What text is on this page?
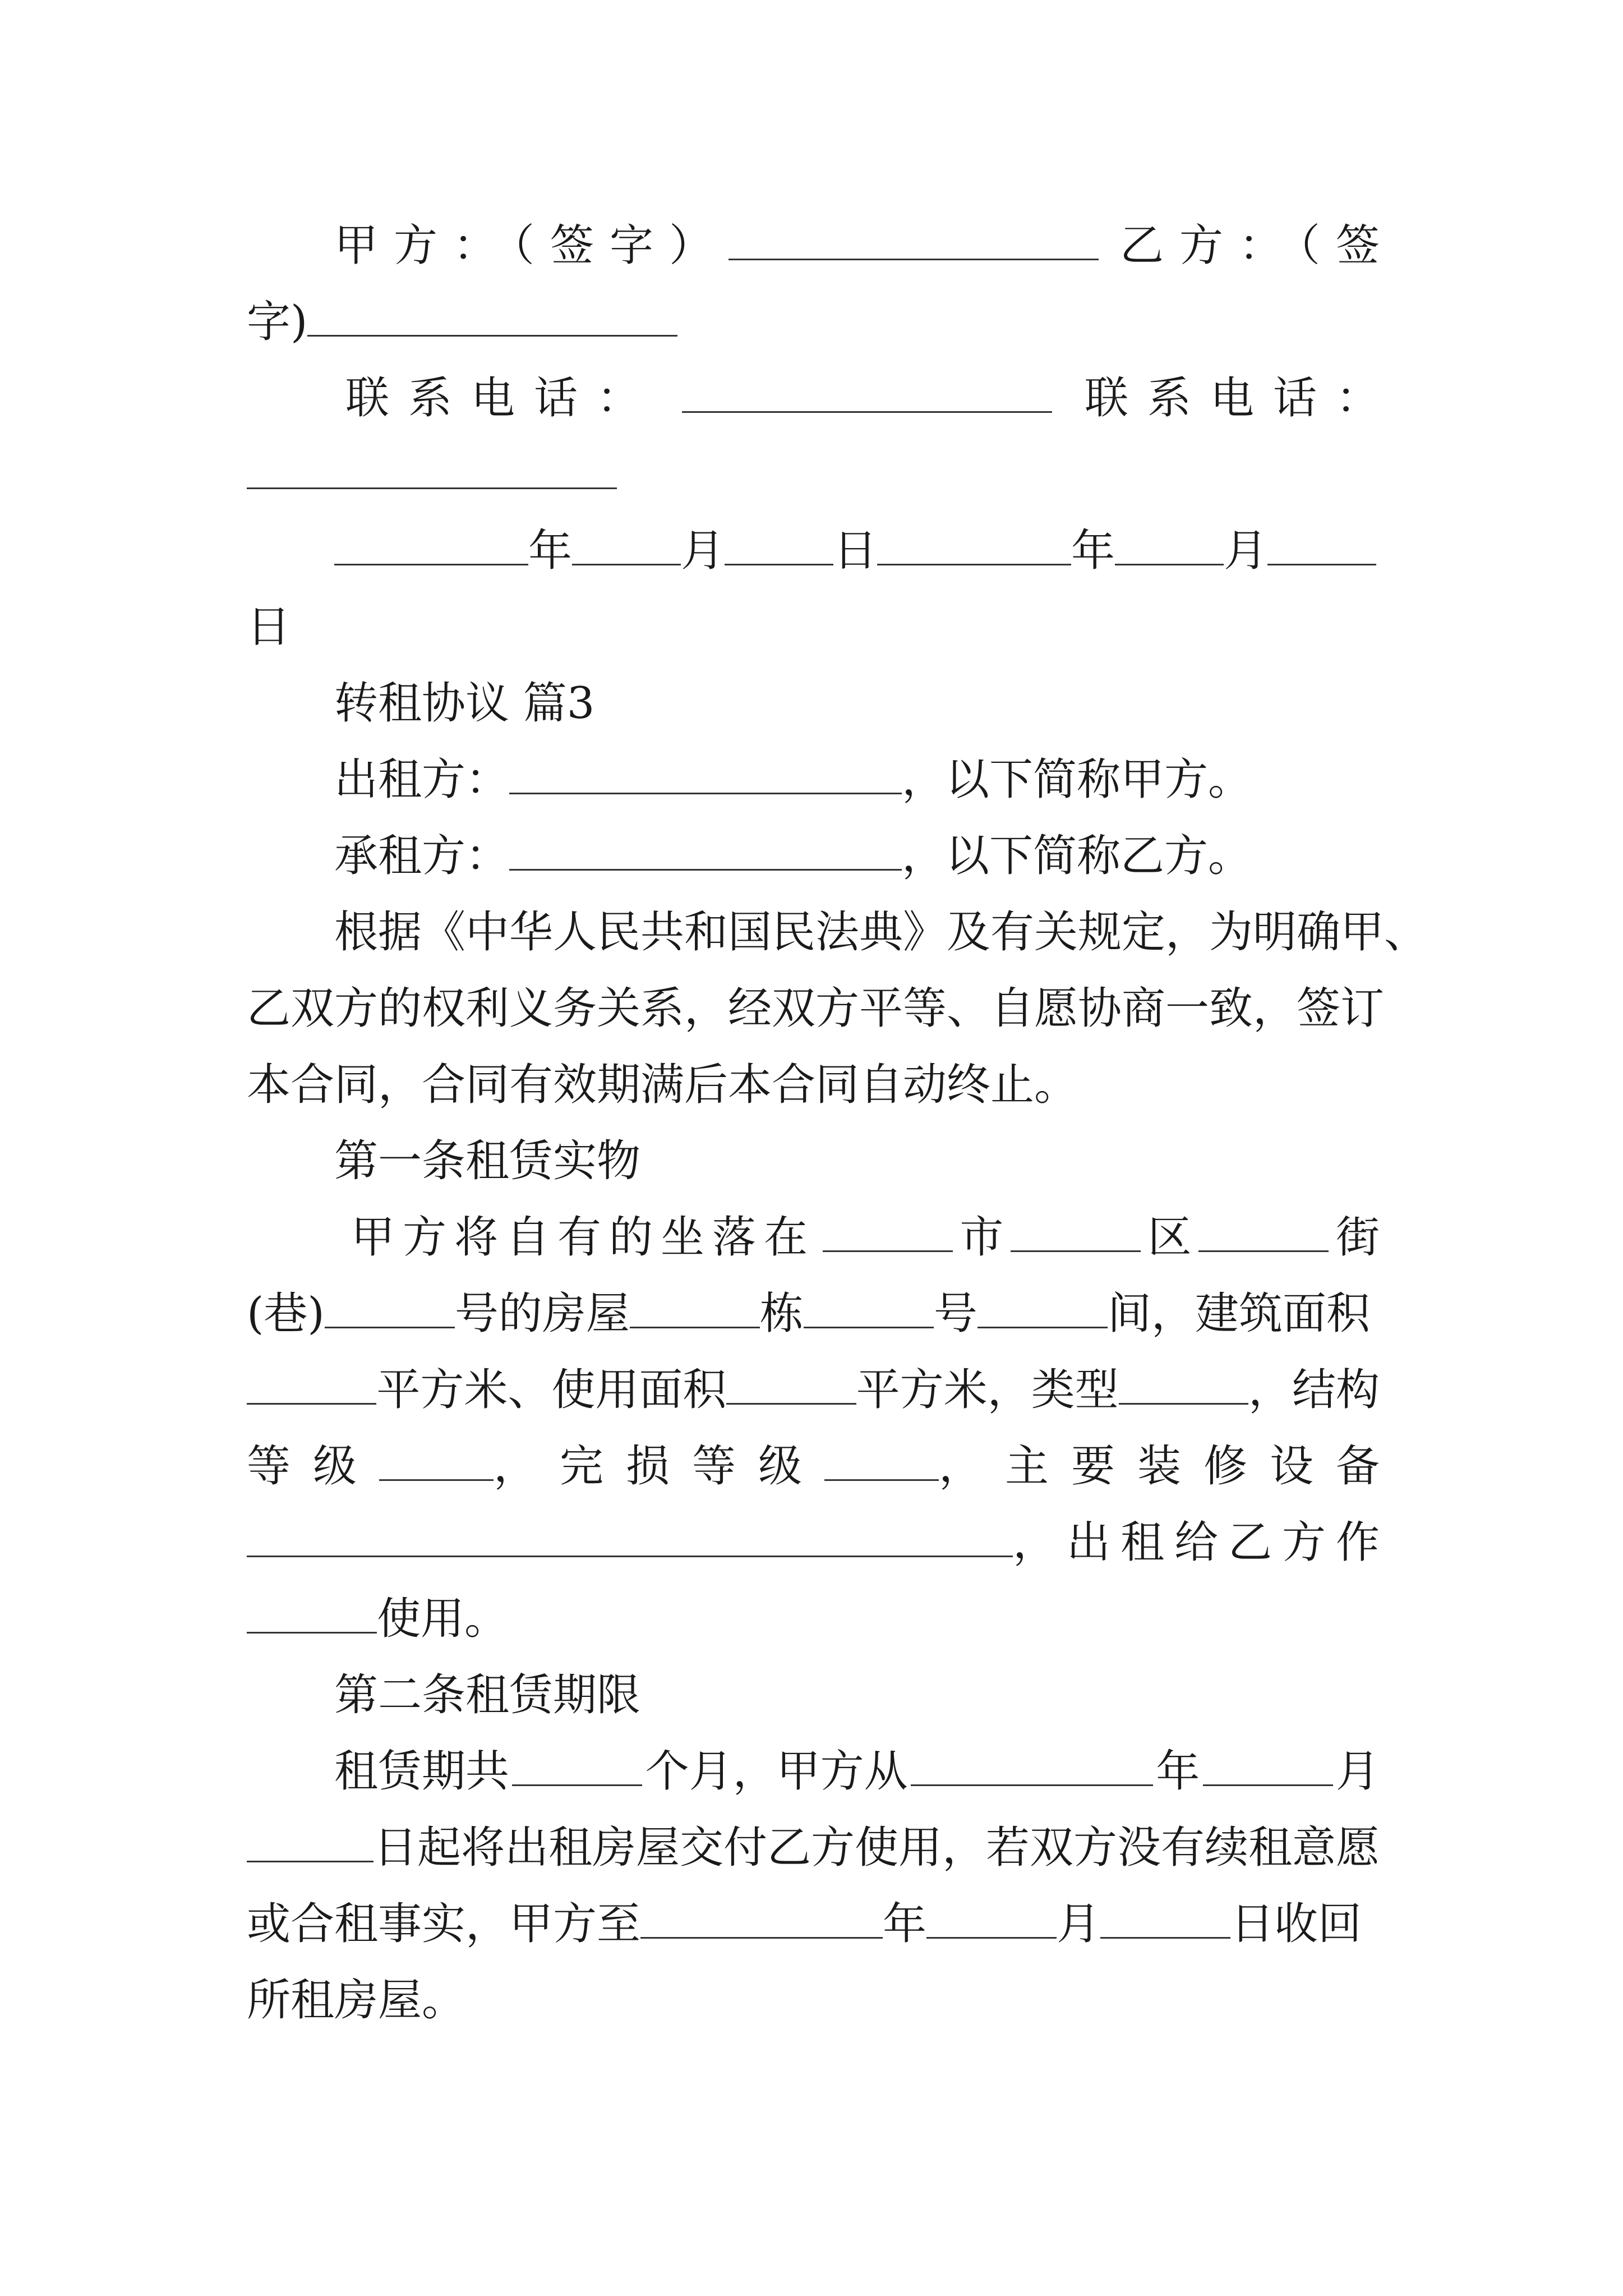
甲方：（签字）	乙方：（签
字)
联系电话：	联系电话：
年 月 日	年 月
日
转租协议 篇3
出租方：	，以下简称甲方。
承租方：	，以下简称乙方。
根据《中华人民共和国民法典》及有关规定，为明确甲、
乙双方的权利义务关系，经双方平等、自愿协商一致，签订
本合同，合同有效期满后本合同自动终止。
第一条租赁实物
甲方将自有的坐落在	市	区	街
(巷)	号的房屋	栋	号	间，建筑面积
平方米、使用面积	平方米，类型	，结构
等级	，完损等级	，主要装修设备
，出租给乙方作
使用。
第二条租赁期限
租赁期共	个月，甲方从	年	月
日起将出租房屋交付乙方使用，若双方没有续租意愿
或合租事实，甲方至	年	月	日收回
所租房屋。
